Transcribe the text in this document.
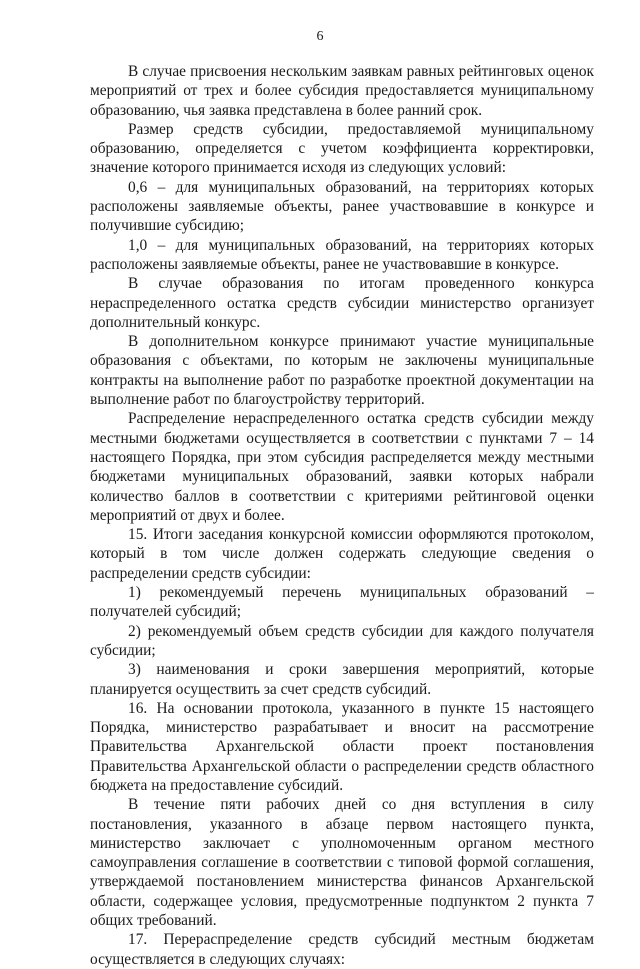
6

В случае присвоения нескольким заявкам равных рейтинговых оценок мероприятий от трех и более субсидия предоставляется муниципальному образованию, чья заявка представлена в более ранний срок.

Размер средств субсидии, предоставляемой муниципальному образованию, определяется с учетом коэффициента корректировки, значение которого принимается исходя из следующих условий:

0,6 – для муниципальных образований, на территориях которых расположены заявляемые объекты, ранее участвовавшие в конкурсе и получившие субсидию;

1,0 – для муниципальных образований, на территориях которых расположены заявляемые объекты, ранее не участвовавшие в конкурсе.

В случае образования по итогам проведенного конкурса нераспределенного остатка средств субсидии министерство организует дополнительный конкурс.

В дополнительном конкурсе принимают участие муниципальные образования с объектами, по которым не заключены муниципальные контракты на выполнение работ по разработке проектной документации на выполнение работ по благоустройству территорий.

Распределение нераспределенного остатка средств субсидии между местными бюджетами осуществляется в соответствии с пунктами 7 – 14 настоящего Порядка, при этом субсидия распределяется между местными бюджетами муниципальных образований, заявки которых набрали количество баллов в соответствии с критериями рейтинговой оценки мероприятий от двух и более.

15. Итоги заседания конкурсной комиссии оформляются протоколом, который в том числе должен содержать следующие сведения о распределении средств субсидии:

1) рекомендуемый перечень муниципальных образований – получателей субсидий;

2) рекомендуемый объем средств субсидии для каждого получателя субсидии;

3) наименования и сроки завершения мероприятий, которые планируется осуществить за счет средств субсидий.

16. На основании протокола, указанного в пункте 15 настоящего Порядка, министерство разрабатывает и вносит на рассмотрение Правительства Архангельской области проект постановления Правительства Архангельской области о распределении средств областного бюджета на предоставление субсидий.

В течение пяти рабочих дней со дня вступления в силу постановления, указанного в абзаце первом настоящего пункта, министерство заключает с уполномоченным органом местного самоуправления соглашение в соответствии с типовой формой соглашения, утверждаемой постановлением министерства финансов Архангельской области, содержащее условия, предусмотренные подпунктом 2 пункта 7 общих требований.

17. Перераспределение средств субсидий местным бюджетам осуществляется в следующих случаях:
